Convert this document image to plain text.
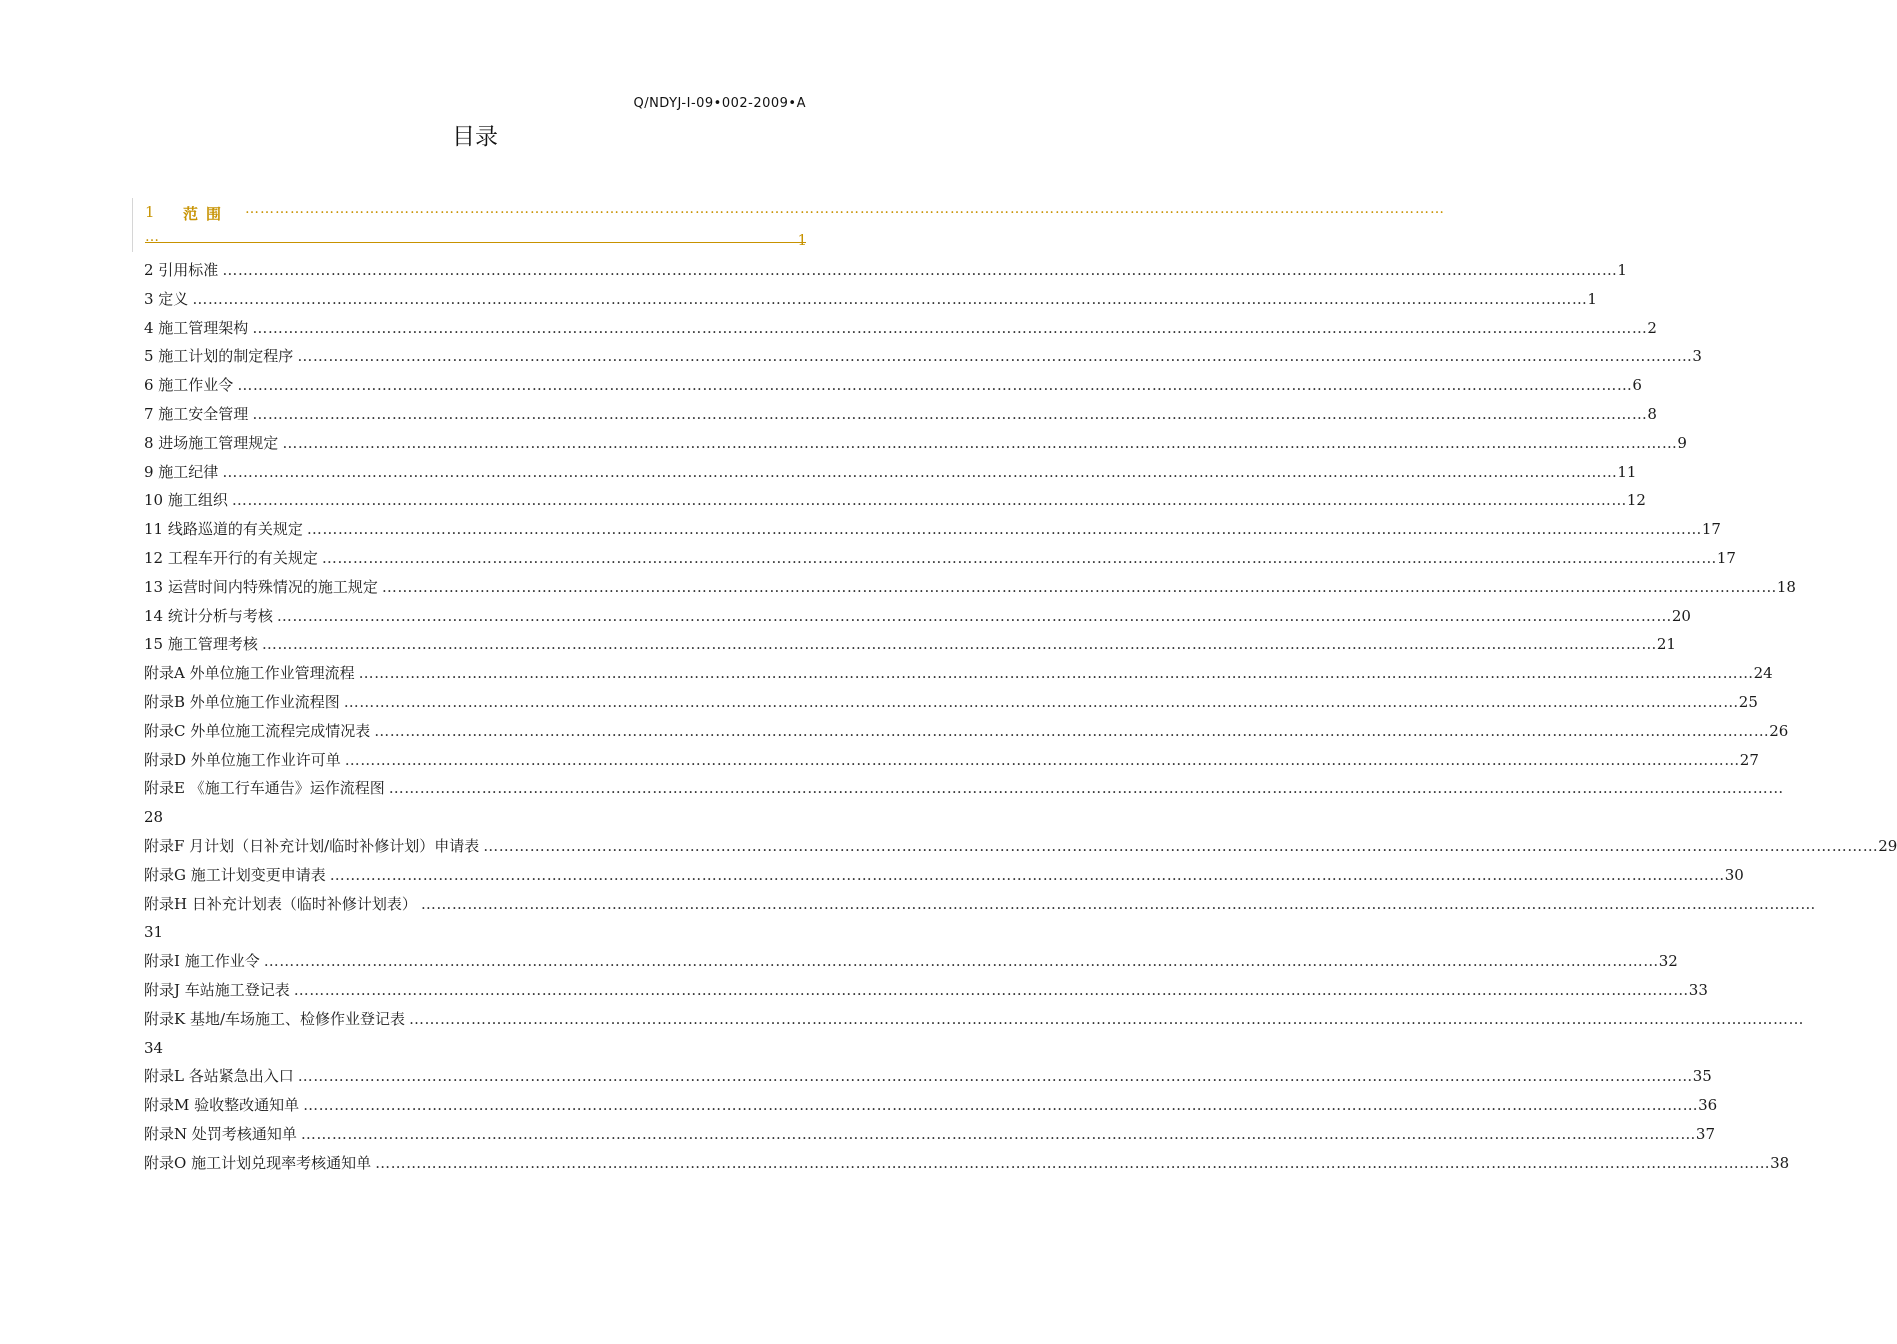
Q/NDYJ-Ⅰ-09•002-2009•A
目录
1 范围 ……………………………………………………………………………………………………………………………………………………………………………………………………………………
…	1
2 引用标准 ……………………………………………………………………………………………………………………………………………………………………………………………………………………………………………… 1
3 定义 ……………………………………………………………………………………………………………………………………………………………………………………………………………………………………………… 1
4 施工管理架构 ……………………………………………………………………………………………………………………………………………………………………………………………………………………………………………… 2
5 施工计划的制定程序 ……………………………………………………………………………………………………………………………………………………………………………………………………………………………………………… 3
6 施工作业令 ……………………………………………………………………………………………………………………………………………………………………………………………………………………………………………… 6
7 施工安全管理 ……………………………………………………………………………………………………………………………………………………………………………………………………………………………………………… 8
8 进场施工管理规定 ……………………………………………………………………………………………………………………………………………………………………………………………………………………………………………… 9
9 施工纪律 ……………………………………………………………………………………………………………………………………………………………………………………………………………………………………………… 11
10 施工组织 ……………………………………………………………………………………………………………………………………………………………………………………………………………………………………………… 12
11 线路巡道的有关规定 ……………………………………………………………………………………………………………………………………………………………………………………………………………………………………………… 17
12 工程车开行的有关规定 ……………………………………………………………………………………………………………………………………………………………………………………………………………………………………………… 17
13 运营时间内特殊情况的施工规定 ……………………………………………………………………………………………………………………………………………………………………………………………………………………………………………… 18
14 统计分析与考核 ……………………………………………………………………………………………………………………………………………………………………………………………………………………………………………… 20
15 施工管理考核 ……………………………………………………………………………………………………………………………………………………………………………………………………………………………………………… 21
附录A 外单位施工作业管理流程 ……………………………………………………………………………………………………………………………………………………………………………………………………………………………………………… 24
附录B 外单位施工作业流程图 ……………………………………………………………………………………………………………………………………………………………………………………………………………………………………………… 25
附录C 外单位施工流程完成情况表 ……………………………………………………………………………………………………………………………………………………………………………………………………………………………………………… 26
附录D 外单位施工作业许可单 ……………………………………………………………………………………………………………………………………………………………………………………………………………………………………………… 27
附录E 《施工行车通告》运作流程图 ………………………………………………………………………………………………………………………………………………………………………………………………………………………………………………
28
附录F 月计划（日补充计划/临时补修计划）申请表 ……………………………………………………………………………………………………………………………………………………………………………………………………………………………………………… 29
附录G 施工计划变更申请表 ……………………………………………………………………………………………………………………………………………………………………………………………………………………………………………… 30
附录H 日补充计划表（临时补修计划表） ………………………………………………………………………………………………………………………………………………………………………………………………………………………………………………
31
附录I 施工作业令 ……………………………………………………………………………………………………………………………………………………………………………………………………………………………………………… 32
附录J 车站施工登记表 ……………………………………………………………………………………………………………………………………………………………………………………………………………………………………………… 33
附录K 基地/车场施工、检修作业登记表 ………………………………………………………………………………………………………………………………………………………………………………………………………………………………………………
34
附录L 各站紧急出入口 ……………………………………………………………………………………………………………………………………………………………………………………………………………………………………………… 35
附录M 验收整改通知单 ……………………………………………………………………………………………………………………………………………………………………………………………………………………………………………… 36
附录N 处罚考核通知单 ……………………………………………………………………………………………………………………………………………………………………………………………………………………………………………… 37
附录O 施工计划兑现率考核通知单 ……………………………………………………………………………………………………………………………………………………………………………………………………………………………………………… 38
